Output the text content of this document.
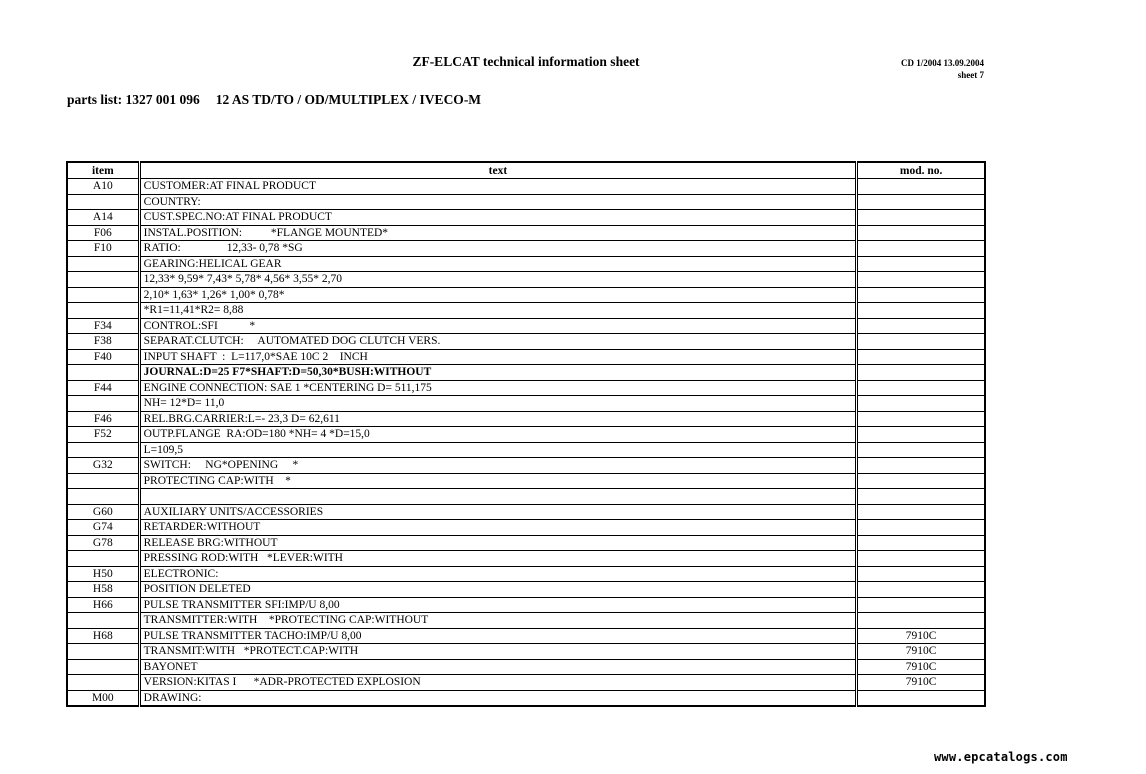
ZF-ELCAT technical information sheet	CD 1/2004 13.09.2004
sheet 7
parts list: 1327 001 096 12 AS TD/TO / OD/MULTIPLEX / IVECO-M
item	text	mod. no.
A10	CUSTOMER:AT FINAL PRODUCT	
	COUNTRY:	
A14	CUST.SPEC.NO:AT FINAL PRODUCT	
F06	INSTAL.POSITION:          *FLANGE MOUNTED*	
F10	RATIO:                12,33- 0,78 *SG	
	GEARING:HELICAL GEAR	
	12,33* 9,59* 7,43* 5,78* 4,56* 3,55* 2,70	
	2,10* 1,63* 1,26* 1,00* 0,78*	
	*R1=11,41*R2= 8,88	
F34	CONTROL:SFI           *	
F38	SEPARAT.CLUTCH:     AUTOMATED DOG CLUTCH VERS.	
F40	INPUT SHAFT  :  L=117,0*SAE 10C 2    INCH	
	JOURNAL:D=25 F7*SHAFT:D=50,30*BUSH:WITHOUT	
F44	ENGINE CONNECTION: SAE 1 *CENTERING D= 511,175	
	NH= 12*D= 11,0	
F46	REL.BRG.CARRIER:L=- 23,3 D= 62,611	
F52	OUTP.FLANGE  RA:OD=180 *NH= 4 *D=15,0	
	L=109,5	
G32	SWITCH:     NG*OPENING     *	
	PROTECTING CAP:WITH    *	

G60	AUXILIARY UNITS/ACCESSORIES	
G74	RETARDER:WITHOUT	
G78	RELEASE BRG:WITHOUT	
	PRESSING ROD:WITH   *LEVER:WITH	
H50	ELECTRONIC:	
H58	POSITION DELETED	
H66	PULSE TRANSMITTER SFI:IMP/U 8,00	
	TRANSMITTER:WITH    *PROTECTING CAP:WITHOUT	
H68	PULSE TRANSMITTER TACHO:IMP/U 8,00	7910C
	TRANSMIT:WITH   *PROTECT.CAP:WITH	7910C
	BAYONET	7910C
	VERSION:KITAS I      *ADR-PROTECTED EXPLOSION	7910C
M00	DRAWING:	
www.epcatalogs.com
